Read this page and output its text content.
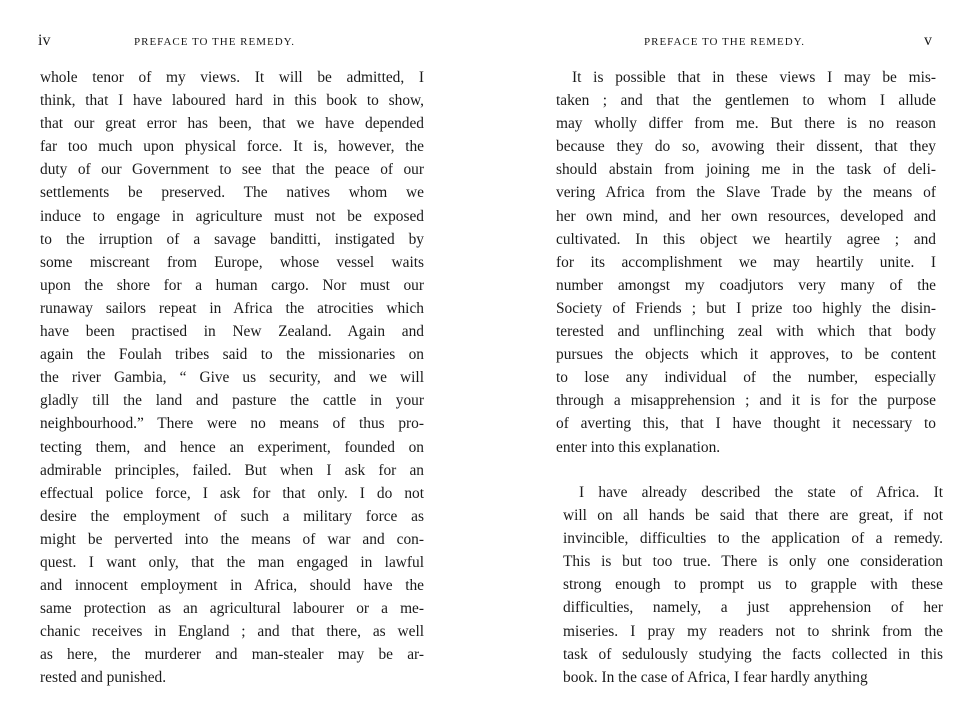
iv	PREFACE TO THE REMEDY.
whole tenor of my views. It will be admitted, I
think, that I have laboured hard in this book to show,
that our great error has been, that we have depended
far too much upon physical force. It is, however, the
duty of our Government to see that the peace of our
settlements be preserved. The natives whom we
induce to engage in agriculture must not be exposed
to the irruption of a savage banditti, instigated by
some miscreant from Europe, whose vessel waits
upon the shore for a human cargo. Nor must our
runaway sailors repeat in Africa the atrocities which
have been practised in New Zealand. Again and
again the Foulah tribes said to the missionaries on
the river Gambia, “ Give us security, and we will
gladly till the land and pasture the cattle in your
neighbourhood.” There were no means of thus pro-
tecting them, and hence an experiment, founded on
admirable principles, failed. But when I ask for an
effectual police force, I ask for that only. I do not
desire the employment of such a military force as
might be perverted into the means of war and con-
quest. I want only, that the man engaged in lawful
and innocent employment in Africa, should have the
same protection as an agricultural labourer or a me-
chanic receives in England ; and that there, as well
as here, the murderer and man-stealer may be ar-
rested and punished.
PREFACE TO THE REMEDY.	v
It is possible that in these views I may be mis-
taken ; and that the gentlemen to whom I allude
may wholly differ from me. But there is no reason
because they do so, avowing their dissent, that they
should abstain from joining me in the task of deli-
vering Africa from the Slave Trade by the means of
her own mind, and her own resources, developed and
cultivated. In this object we heartily agree ; and
for its accomplishment we may heartily unite. I
number amongst my coadjutors very many of the
Society of Friends ; but I prize too highly the disin-
terested and unflinching zeal with which that body
pursues the objects which it approves, to be content
to lose any individual of the number, especially
through a misapprehension ; and it is for the purpose
of averting this, that I have thought it necessary to
enter into this explanation.
I have already described the state of Africa. It
will on all hands be said that there are great, if not
invincible, difficulties to the application of a remedy.
This is but too true. There is only one consideration
strong enough to prompt us to grapple with these
difficulties, namely, a just apprehension of her
miseries. I pray my readers not to shrink from the
task of sedulously studying the facts collected in this
book. In the case of Africa, I fear hardly anything
